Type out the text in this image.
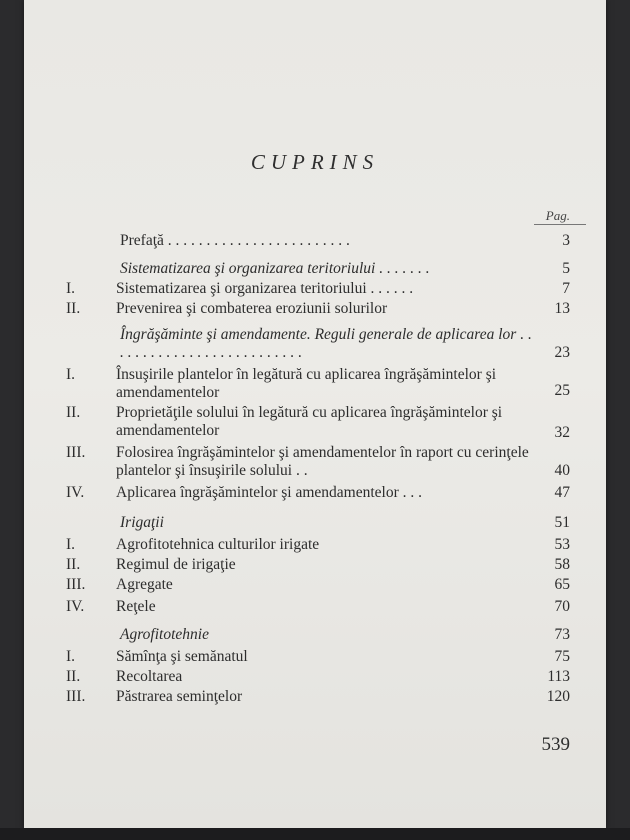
CUPRINS
Pag.
Prefaţă . . . . . . . . . . . . . . . . . . . . . . . .	3
Sistematizarea şi organizarea teritoriului . . . . . . .	5
I.	Sistematizarea şi organizarea teritoriului . . . . . .	7
II. Prevenirea şi combaterea eroziunii solurilor	13
Îngrăşăminte şi amendamente. Reguli generale de aplicarea lor . . . . . . . . . . . . . . . . . . . . . . . . . .	23
I.	Însuşirile plantelor în legătură cu aplicarea îngrăşămintelor şi amendamentelor	25
II. Proprietăţile solului în legătură cu aplicarea îngrăşămintelor şi amendamentelor	32
III. Folosirea îngrăşămintelor şi amendamentelor în raport cu cerinţele plantelor şi însuşirile solului . .	40
IV. Aplicarea îngrăşămintelor şi amendamentelor . . .	47
Irigaţii	51
I.	Agrofitotehnica culturilor irigate	53
II. Regimul de irigaţie	58
III. Agregate	65
IV. Reţele	70
Agrofitotehnie	73
I.	Sămînţa şi semănatul	75
II. Recoltarea	113
III. Păstrarea seminţelor	120
539
